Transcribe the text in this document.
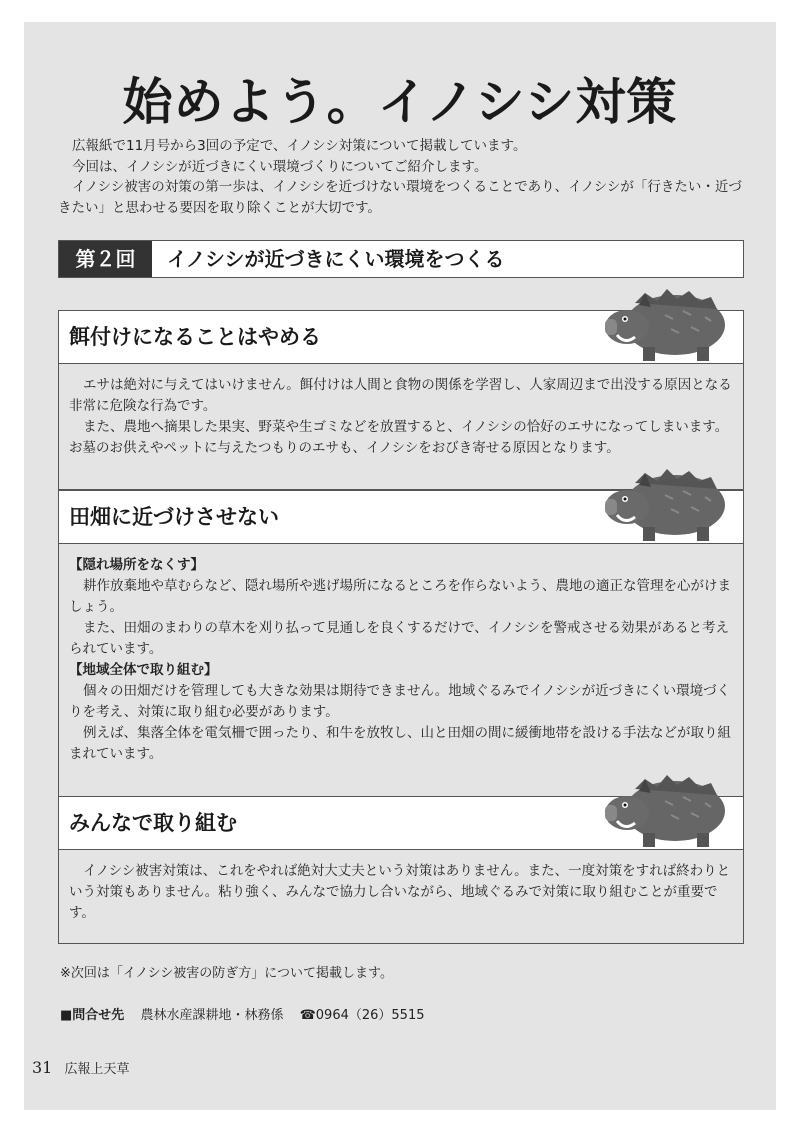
始めよう。イノシシ対策

広報紙で11月号から3回の予定で、イノシシ対策について掲載しています。

今回は、イノシシが近づきにくい環境づくりについてご紹介します。

イノシシ被害の対策の第一歩は、イノシシを近づけない環境をつくることであり、イノシシが「行きたい・近づきたい」と思わせる要因を取り除くことが大切です。

第２回	イノシシが近づきにくい環境をつくる
餌付けになることはやめる

エサは絶対に与えてはいけません。餌付けは人間と食物の関係を学習し、人家周辺まで出没する原因となる非常に危険な行為です。

また、農地へ摘果した果実、野菜や生ゴミなどを放置すると、イノシシの恰好のエサになってしまいます。お墓のお供えやペットに与えたつもりのエサも、イノシシをおびき寄せる原因となります。

田畑に近づけさせない

【隠れ場所をなくす】

耕作放棄地や草むらなど、隠れ場所や逃げ場所になるところを作らないよう、農地の適正な管理を心がけましょう。

また、田畑のまわりの草木を刈り払って見通しを良くするだけで、イノシシを警戒させる効果があると考えられています。

【地域全体で取り組む】

個々の田畑だけを管理しても大きな効果は期待できません。地域ぐるみでイノシシが近づきにくい環境づくりを考え、対策に取り組む必要があります。

例えば、集落全体を電気柵で囲ったり、和牛を放牧し、山と田畑の間に緩衝地帯を設ける手法などが取り組まれています。

みんなで取り組む

イノシシ被害対策は、これをやれば絶対大丈夫という対策はありません。また、一度対策をすれば終わりという対策もありません。粘り強く、みんなで協力し合いながら、地域ぐるみで対策に取り組むことが重要です。

※次回は「イノシシ被害の防ぎ方」について掲載します。

■問合せ先 農林水産課耕地・林務係 ☎0964（26）5515

31 広報上天草
